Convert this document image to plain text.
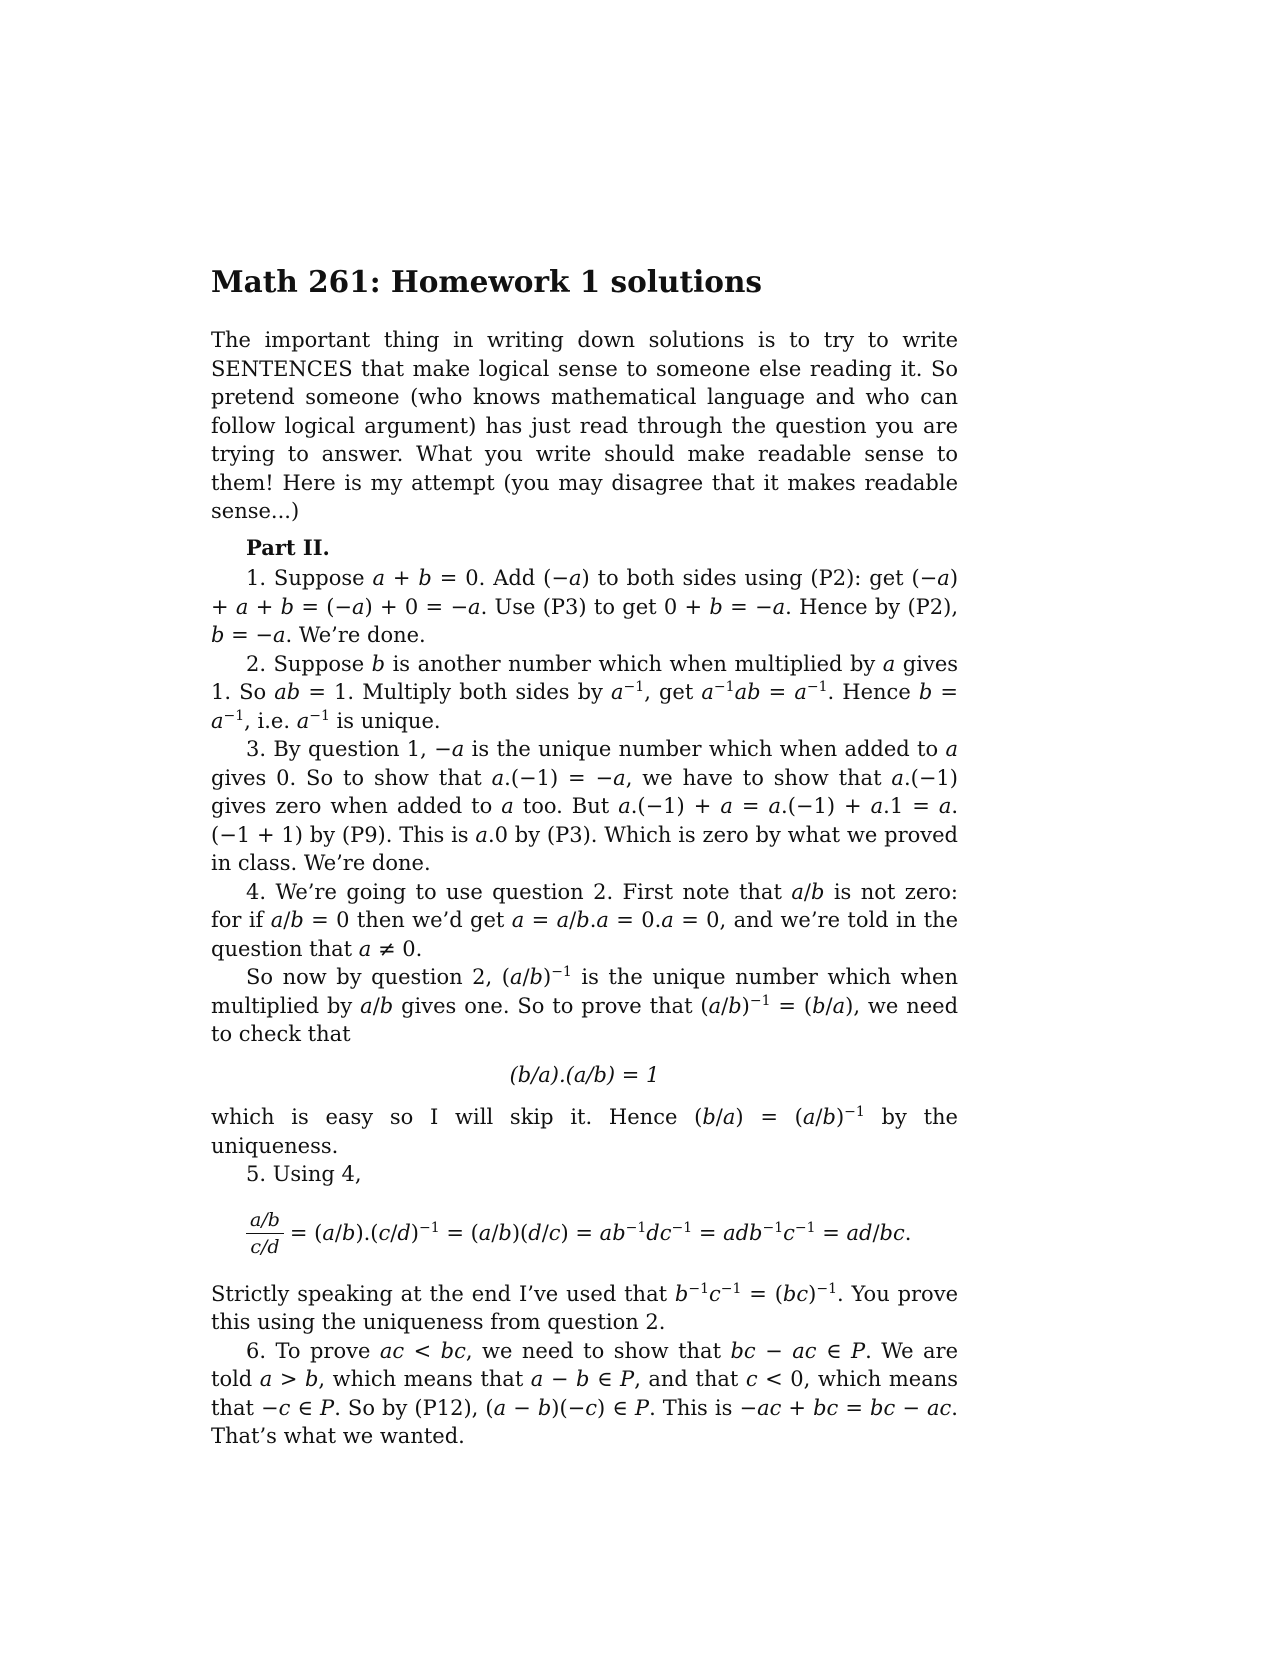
Math 261: Homework 1 solutions

The important thing in writing down solutions is to try to write SENTENCES that make logical sense to someone else reading it. So pretend someone (who knows mathematical language and who can follow logical argument) has just read through the question you are trying to answer. What you write should make readable sense to them! Here is my attempt (you may disagree that it makes readable sense...)

Part II.

1. Suppose a + b = 0. Add (−a) to both sides using (P2): get (−a) + a + b = (−a) + 0 = −a. Use (P3) to get 0 + b = −a. Hence by (P2), b = −a. We’re done.

2. Suppose b is another number which when multiplied by a gives 1. So ab = 1. Multiply both sides by $a^{-1}$, get $a^{-1}ab = a^{-1}$. Hence $b = a^{-1}$, i.e. $a^{-1}$ is unique.

3. By question 1, −a is the unique number which when added to a gives 0. So to show that a.(−1) = −a, we have to show that a.(−1) gives zero when added to a too. But a.(−1) + a = a.(−1) + a.1 = a.(−1 + 1) by (P9). This is a.0 by (P3). Which is zero by what we proved in class. We’re done.

4. We’re going to use question 2. First note that a/b is not zero: for if a/b = 0 then we’d get a = a/b.a = 0.a = 0, and we’re told in the question that a ≠ 0.

So now by question 2, $(a/b)^{-1}$ is the unique number which when multiplied by a/b gives one. So to prove that $(a/b)^{-1} = (b/a)$, we need to check that

(b/a).(a/b) = 1

which is easy so I will skip it. Hence $(b/a) = (a/b)^{-1}$ by the uniqueness.

5. Using 4,

$\frac{a/b}{c/d} = (a/b).(c/d)^{-1} = (a/b)(d/c) = ab^{-1}dc^{-1} = adb^{-1}c^{-1} = ad/bc$.

Strictly speaking at the end I’ve used that $b^{-1}c^{-1} = (bc)^{-1}$. You prove this using the uniqueness from question 2.

6. To prove ac < bc, we need to show that bc − ac ∈ P. We are told a > b, which means that a − b ∈ P, and that c < 0, which means that −c ∈ P. So by (P12), (a − b)(−c) ∈ P. This is −ac + bc = bc − ac. That’s what we wanted.
